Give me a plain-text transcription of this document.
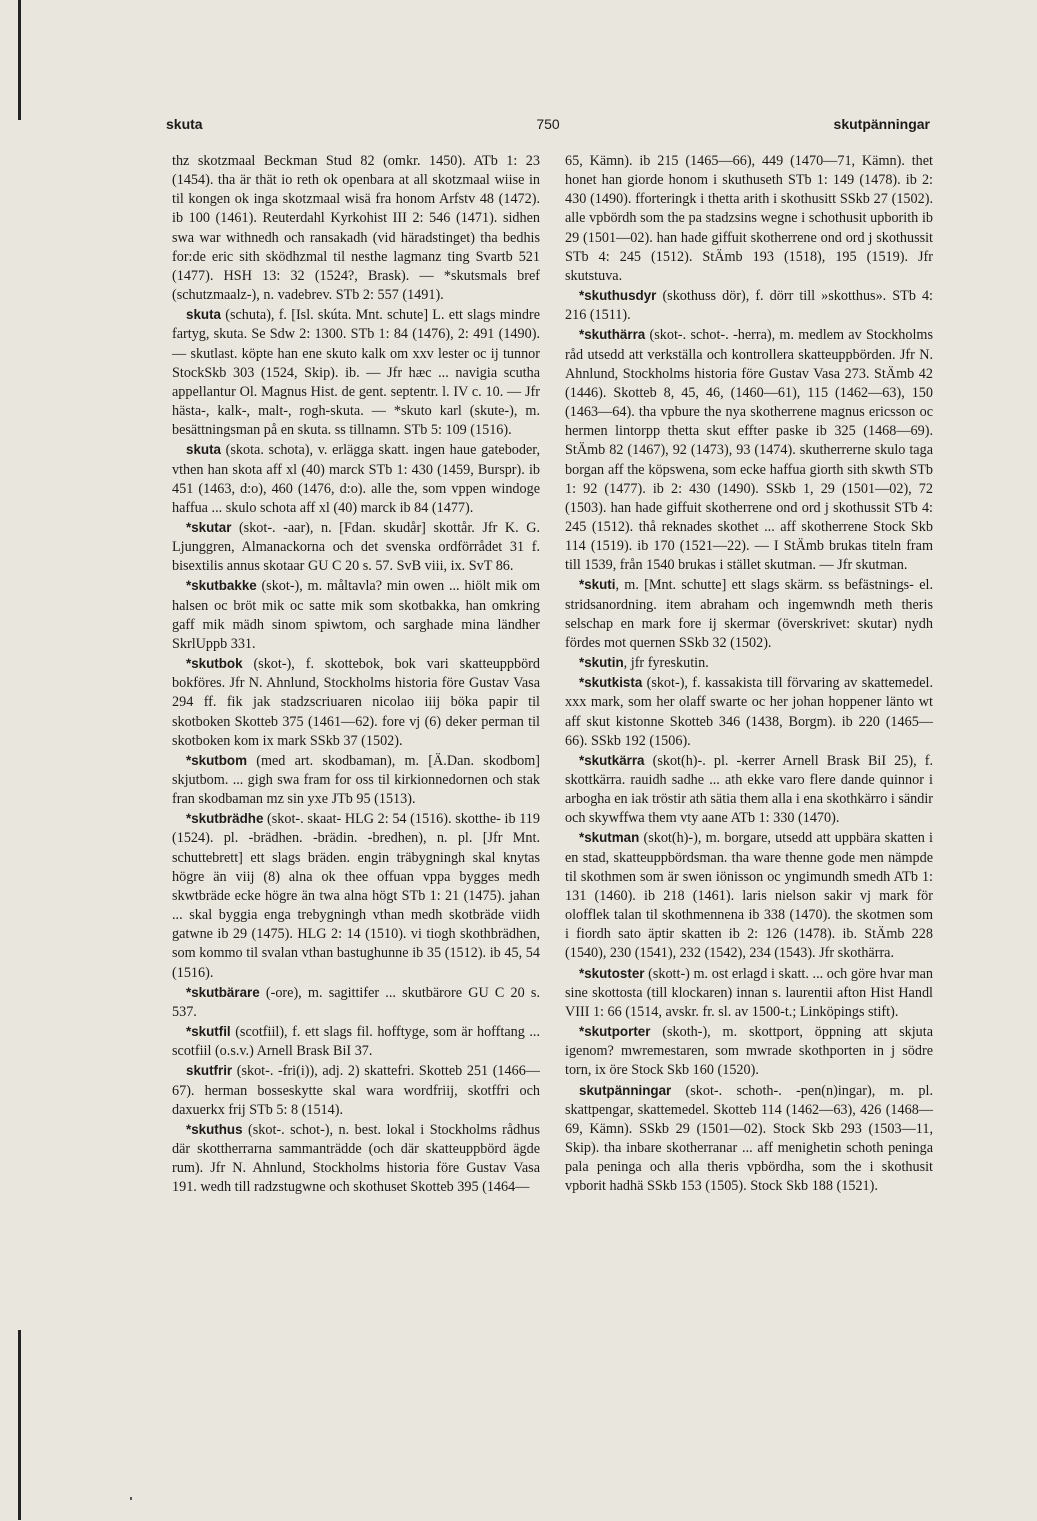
skuta	750	skutpänningar

thz skotzmaal Beckman Stud 82 (omkr. 1450). ATb 1: 23 (1454). tha är thät io reth ok openbara at all skotzmaal wiise in til kongen ok inga skotzmaal wisä fra honom Arfstv 48 (1472). ib 100 (1461). Reuterdahl Kyrkohist III 2: 546 (1471). sidhen swa war withnedh och ransakadh (vid häradstinget) tha bedhis for:de eric sith sködhzmal til nesthe lagmanz ting Svartb 521 (1477). HSH 13: 32 (1524?, Brask). — *skutsmals bref (schutzmaalz-), n. vadebrev. STb 2: 557 (1491).

skuta (schuta), f. [Isl. skúta. Mnt. schute] L. ett slags mindre fartyg, skuta. Se Sdw 2: 1300. STb 1: 84 (1476), 2: 491 (1490). — skutlast. köpte han ene skuto kalk om xxv lester oc ij tunnor StockSkb 303 (1524, Skip). ib. — Jfr hæc ... navigia scutha appellantur Ol. Magnus Hist. de gent. septentr. l. IV c. 10. — Jfr hästa-, kalk-, malt-, rogh-skuta. — *skuto karl (skute-), m. besättningsman på en skuta. ss tillnamn. STb 5: 109 (1516).

skuta (skota. schota), v. erlägga skatt. ingen haue gateboder, vthen han skota aff xl (40) marck STb 1: 430 (1459, Burspr). ib 451 (1463, d:o), 460 (1476, d:o). alle the, som vppen windoge haffua ... skulo schota aff xl (40) marck ib 84 (1477).

*skutar (skot-. -aar), n. [Fdan. skudår] skottår. Jfr K. G. Ljunggren, Almanackorna och det svenska ordförrådet 31 f. bisextilis annus skotaar GU C 20 s. 57. SvB viii, ix. SvT 86.

*skutbakke (skot-), m. måltavla? min owen ... hiölt mik om halsen oc bröt mik oc satte mik som skotbakka, han omkring gaff mik mädh sinom spiwtom, och sarghade mina ländher SkrlUppb 331.

*skutbok (skot-), f. skottebok, bok vari skatteuppbörd bokföres. Jfr N. Ahnlund, Stockholms historia före Gustav Vasa 294 ff. fik jak stadzscriuaren nicolao iiij böka papir til skotboken Skotteb 375 (1461—62). fore vj (6) deker perman til skotboken kom ix mark SSkb 37 (1502).

*skutbom (med art. skodbaman), m. [Ä.Dan. skodbom] skjutbom. ... gigh swa fram for oss til kirkionnedornen och stak fran skodbaman mz sin yxe JTb 95 (1513).

*skutbrädhe (skot-. skaat- HLG 2: 54 (1516). skotthe- ib 119 (1524). pl. -brädhen. -brädin. -bredhen), n. pl. [Jfr Mnt. schuttebrett] ett slags bräden. engin träbygningh skal knytas högre än viij (8) alna ok thee offuan vppa bygges medh skwtbräde ecke högre än twa alna högt STb 1: 21 (1475). jahan ... skal byggia enga trebygningh vthan medh skotbräde viidh gatwne ib 29 (1475). HLG 2: 14 (1510). vi tiogh skothbrädhen, som kommo til svalan vthan bastughunne ib 35 (1512). ib 45, 54 (1516).

*skutbärare (-ore), m. sagittifer ... skutbärore GU C 20 s. 537.

*skutfil (scotfiil), f. ett slags fil. hofftyge, som är hofftang ... scotfiil (o.s.v.) Arnell Brask BiI 37.

skutfrir (skot-. -fri(i)), adj. 2) skattefri. Skotteb 251 (1466—67). herman bosseskytte skal wara wordfriij, skotffri och daxuerkx frij STb 5: 8 (1514).

*skuthus (skot-. schot-), n. best. lokal i Stockholms rådhus där skottherrarna sammanträdde (och där skatteuppbörd ägde rum). Jfr N. Ahnlund, Stockholms historia före Gustav Vasa 191. wedh till radzstugwne och skothuset Skotteb 395 (1464—

65, Kämn). ib 215 (1465—66), 449 (1470—71, Kämn). thet honet han giorde honom i skuthuseth STb 1: 149 (1478). ib 2: 430 (1490). fforteringk i thetta arith i skothusitt SSkb 27 (1502). alle vpbördh som the pa stadzsins wegne i schothusit upborith ib 29 (1501—02). han hade giffuit skotherrene ond ord j skothussit STb 4: 245 (1512). StÄmb 193 (1518), 195 (1519). Jfr skutstuva.

*skuthusdyr (skothuss dör), f. dörr till »skotthus». STb 4: 216 (1511).

*skuthärra (skot-. schot-. -herra), m. medlem av Stockholms råd utsedd att verkställa och kontrollera skatteuppbörden. Jfr N. Ahnlund, Stockholms historia före Gustav Vasa 273. StÄmb 42 (1446). Skotteb 8, 45, 46, (1460—61), 115 (1462—63), 150 (1463—64). tha vpbure the nya skotherrene magnus ericsson oc hermen lintorpp thetta skut effter paske ib 325 (1468—69). StÄmb 82 (1467), 92 (1473), 93 (1474). skutherrerne skulo taga borgan aff the köpswena, som ecke haffua giorth sith skwth STb 1: 92 (1477). ib 2: 430 (1490). SSkb 1, 29 (1501—02), 72 (1503). han hade giffuit skotherrene ond ord j skothussit STb 4: 245 (1512). thå reknades skothet ... aff skotherrene Stock Skb 114 (1519). ib 170 (1521—22). — I StÄmb brukas titeln fram till 1539, från 1540 brukas i stället skutman. — Jfr skutman.

*skuti, m. [Mnt. schutte] ett slags skärm. ss befästnings- el. stridsanordning. item abraham och ingemwndh meth theris selschap en mark fore ij skermar (överskrivet: skutar) nydh fördes mot quernen SSkb 32 (1502).

*skutin, jfr fyreskutin.

*skutkista (skot-), f. kassakista till förvaring av skattemedel. xxx mark, som her olaff swarte oc her johan hoppener länto wt aff skut kistonne Skotteb 346 (1438, Borgm). ib 220 (1465—66). SSkb 192 (1506).

*skutkärra (skot(h)-. pl. -kerrer Arnell Brask BiI 25), f. skottkärra. rauidh sadhe ... ath ekke varo flere dande quinnor i arbogha en iak tröstir ath sätia them alla i ena skothkärro i sändir och skywffwa them vty aane ATb 1: 330 (1470).

*skutman (skot(h)-), m. borgare, utsedd att uppbära skatten i en stad, skatteuppbördsman. tha ware thenne gode men nämpde til skothmen som är swen iönisson oc yngimundh smedh ATb 1: 131 (1460). ib 218 (1461). laris nielson sakir vj mark för olofflek talan til skothmennena ib 338 (1470). the skotmen som i fiordh sato äptir skatten ib 2: 126 (1478). ib. StÄmb 228 (1540), 230 (1541), 232 (1542), 234 (1543). Jfr skothärra.

*skutoster (skott-) m. ost erlagd i skatt. ... och göre hvar man sine skottosta (till klockaren) innan s. laurentii afton Hist Handl VIII 1: 66 (1514, avskr. fr. sl. av 1500-t.; Linköpings stift).

*skutporter (skoth-), m. skottport, öppning att skjuta igenom? mwremestaren, som mwrade skothporten in j södre torn, ix öre Stock Skb 160 (1520).

skutpänningar (skot-. schoth-. -pen(n)ingar), m. pl. skattpengar, skattemedel. Skotteb 114 (1462—63), 426 (1468—69, Kämn). SSkb 29 (1501—02). Stock Skb 293 (1503—11, Skip). tha inbare skotherranar ... aff menighetin schoth peninga pala peninga och alla theris vpbördha, som the i skothusit vpborit hadhä SSkb 153 (1505). Stock Skb 188 (1521).
